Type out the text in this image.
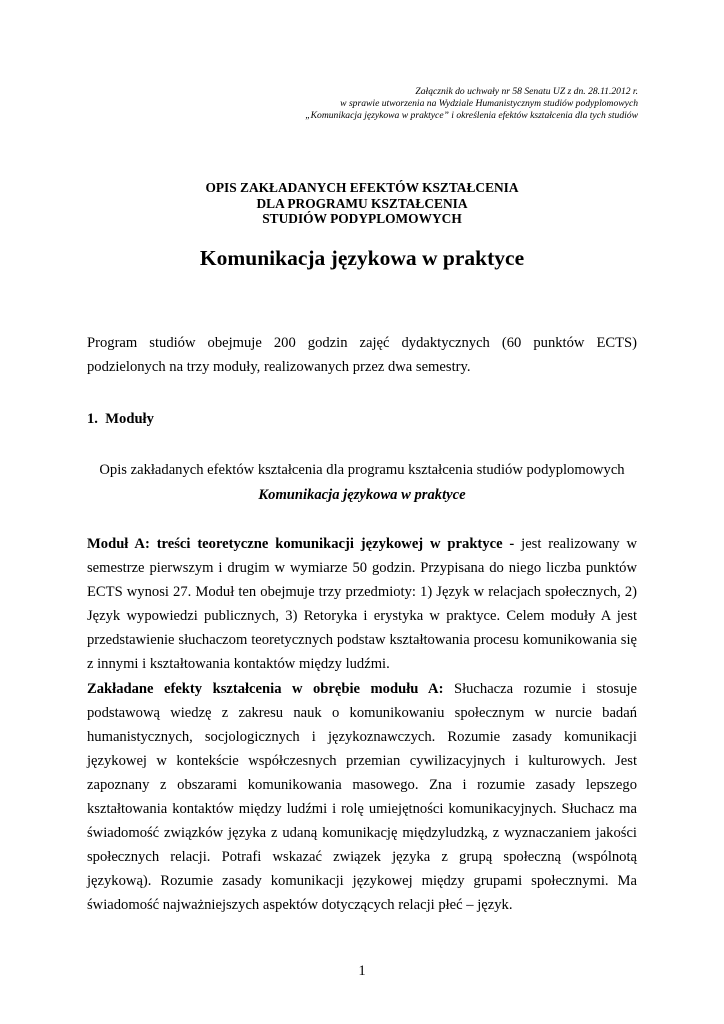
Załącznik do uchwały nr 58 Senatu UZ z dn. 28.11.2012 r.
w sprawie utworzenia na Wydziale Humanistycznym studiów podyplomowych
„Komunikacja językowa w praktyce” i określenia efektów kształcenia dla tych studiów
OPIS ZAKŁADANYCH EFEKTÓW KSZTAŁCENIA
DLA PROGRAMU KSZTAŁCENIA
STUDIÓW PODYPLOMOWYCH
Komunikacja językowa w praktyce

Program studiów obejmuje 200 godzin zajęć dydaktycznych (60 punktów ECTS) podzielonych na trzy moduły, realizowanych przez dwa semestry.

1. Moduły
Opis zakładanych efektów kształcenia dla programu kształcenia studiów podyplomowych
Komunikacja językowa w praktyce
Moduł A: treści teoretyczne komunikacji językowej w praktyce - jest realizowany w semestrze pierwszym i drugim w wymiarze 50 godzin. Przypisana do niego liczba punktów ECTS wynosi 27. Moduł ten obejmuje trzy przedmioty: 1) Język w relacjach społecznych, 2) Język wypowiedzi publicznych, 3) Retoryka i erystyka w praktyce. Celem moduły A jest przedstawienie słuchaczom teoretycznych podstaw kształtowania procesu komunikowania się z innymi i kształtowania kontaktów między ludźmi.
Zakładane efekty kształcenia w obrębie modułu A: Słuchacza rozumie i stosuje podstawową wiedzę z zakresu nauk o komunikowaniu społecznym w nurcie badań humanistycznych, socjologicznych i językoznawczych. Rozumie zasady komunikacji językowej w kontekście współczesnych przemian cywilizacyjnych i kulturowych. Jest zapoznany z obszarami komunikowania masowego. Zna i rozumie zasady lepszego kształtowania kontaktów między ludźmi i rolę umiejętności komunikacyjnych. Słuchacz ma świadomość związków języka z udaną komunikację międzyludzką, z wyznaczaniem jakości społecznych relacji. Potrafi wskazać związek języka z grupą społeczną (wspólnotą językową). Rozumie zasady komunikacji językowej między grupami społecznymi. Ma świadomość najważniejszych aspektów dotyczących relacji płeć – język.
1
